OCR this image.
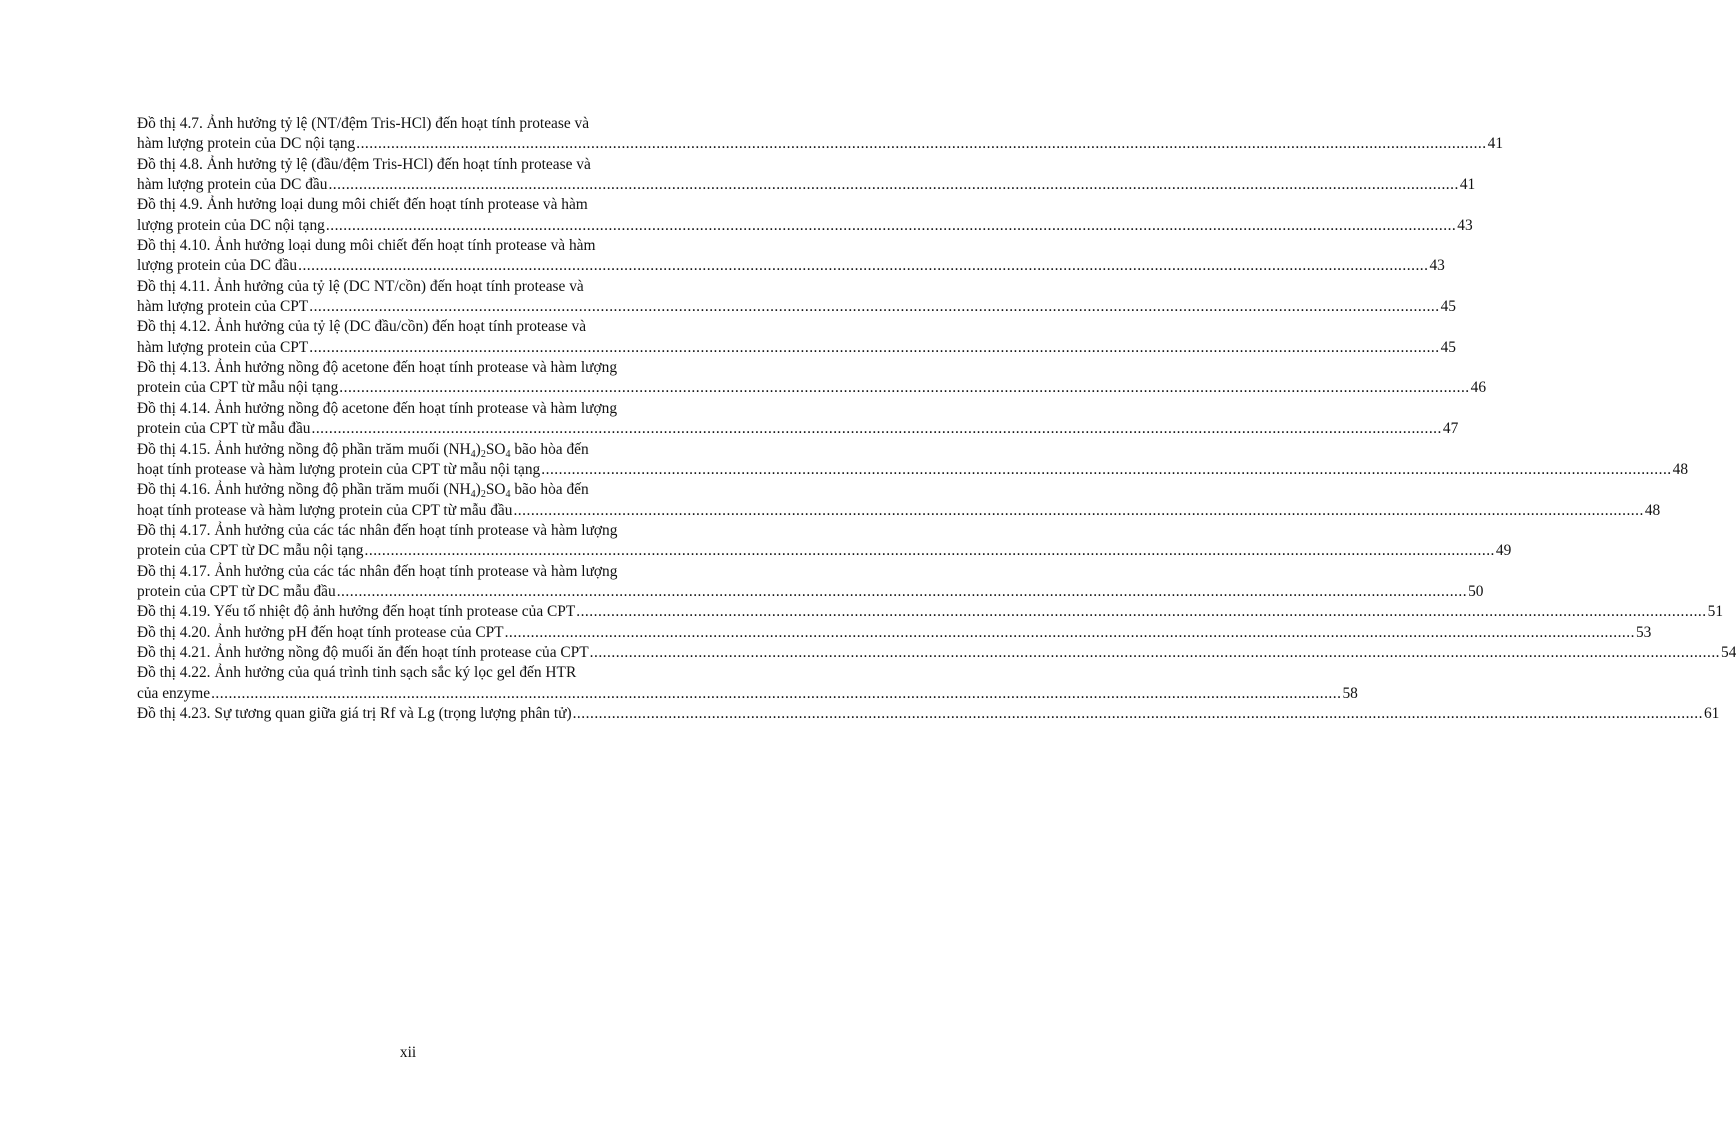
Đồ thị 4.7. Ảnh hưởng tỷ lệ (NT/đệm Tris-HCl) đến hoạt tính protease và
hàm lượng protein của DC nội tạng .....	41
Đồ thị 4.8. Ảnh hưởng tỷ lệ (đầu/đệm Tris-HCl) đến hoạt tính protease và
hàm lượng protein của DC đầu .....	41
Đồ thị 4.9. Ảnh hưởng loại dung môi chiết đến hoạt tính protease và hàm
lượng protein của DC nội tạng .....	43
Đồ thị 4.10. Ảnh hưởng loại dung môi chiết đến hoạt tính protease và hàm
lượng protein của DC đầu .....	43
Đồ thị 4.11. Ảnh hưởng của tỷ lệ (DC NT/cồn) đến hoạt tính protease và
hàm lượng protein của CPT .....	45
Đồ thị 4.12. Ảnh hưởng của tỷ lệ (DC đầu/cồn) đến hoạt tính protease và
hàm lượng protein của CPT .....	45
Đồ thị 4.13. Ảnh hưởng nồng độ acetone đến hoạt tính protease và hàm lượng
protein của CPT từ mẫu nội tạng .....	46
Đồ thị 4.14. Ảnh hưởng nồng độ acetone đến hoạt tính protease và hàm lượng
protein của CPT từ mẫu đầu .....	47
Đồ thị 4.15. Ảnh hưởng nồng độ phần trăm muối $(NH_4)_2SO_4$ bão hòa đến
hoạt tính protease và hàm lượng protein của CPT từ mẫu nội tạng .....	48
Đồ thị 4.16. Ảnh hưởng nồng độ phần trăm muối $(NH_4)_2SO_4$ bão hòa đến
hoạt tính protease và hàm lượng protein của CPT từ mẫu đầu .....	48
Đồ thị 4.17. Ảnh hưởng của các tác nhân đến hoạt tính protease và hàm lượng
protein của CPT từ DC mẫu nội tạng .....	49
Đồ thị 4.17. Ảnh hưởng của các tác nhân đến hoạt tính protease và hàm lượng
protein của CPT từ DC mẫu đầu .....	50
Đồ thị 4.19. Yếu tố nhiệt độ ảnh hưởng đến hoạt tính protease của CPT .....	51
Đồ thị 4.20. Ảnh hưởng pH đến hoạt tính protease của CPT .....	53
Đồ thị 4.21. Ảnh hưởng nồng độ muối ăn đến hoạt tính protease của CPT .....	54
Đồ thị 4.22. Ảnh hưởng của quá trình tinh sạch sắc ký lọc gel đến HTR
của enzyme .....	58
Đồ thị 4.23. Sự tương quan giữa giá trị Rf và Lg (trọng lượng phân tử) .....	61
xii
